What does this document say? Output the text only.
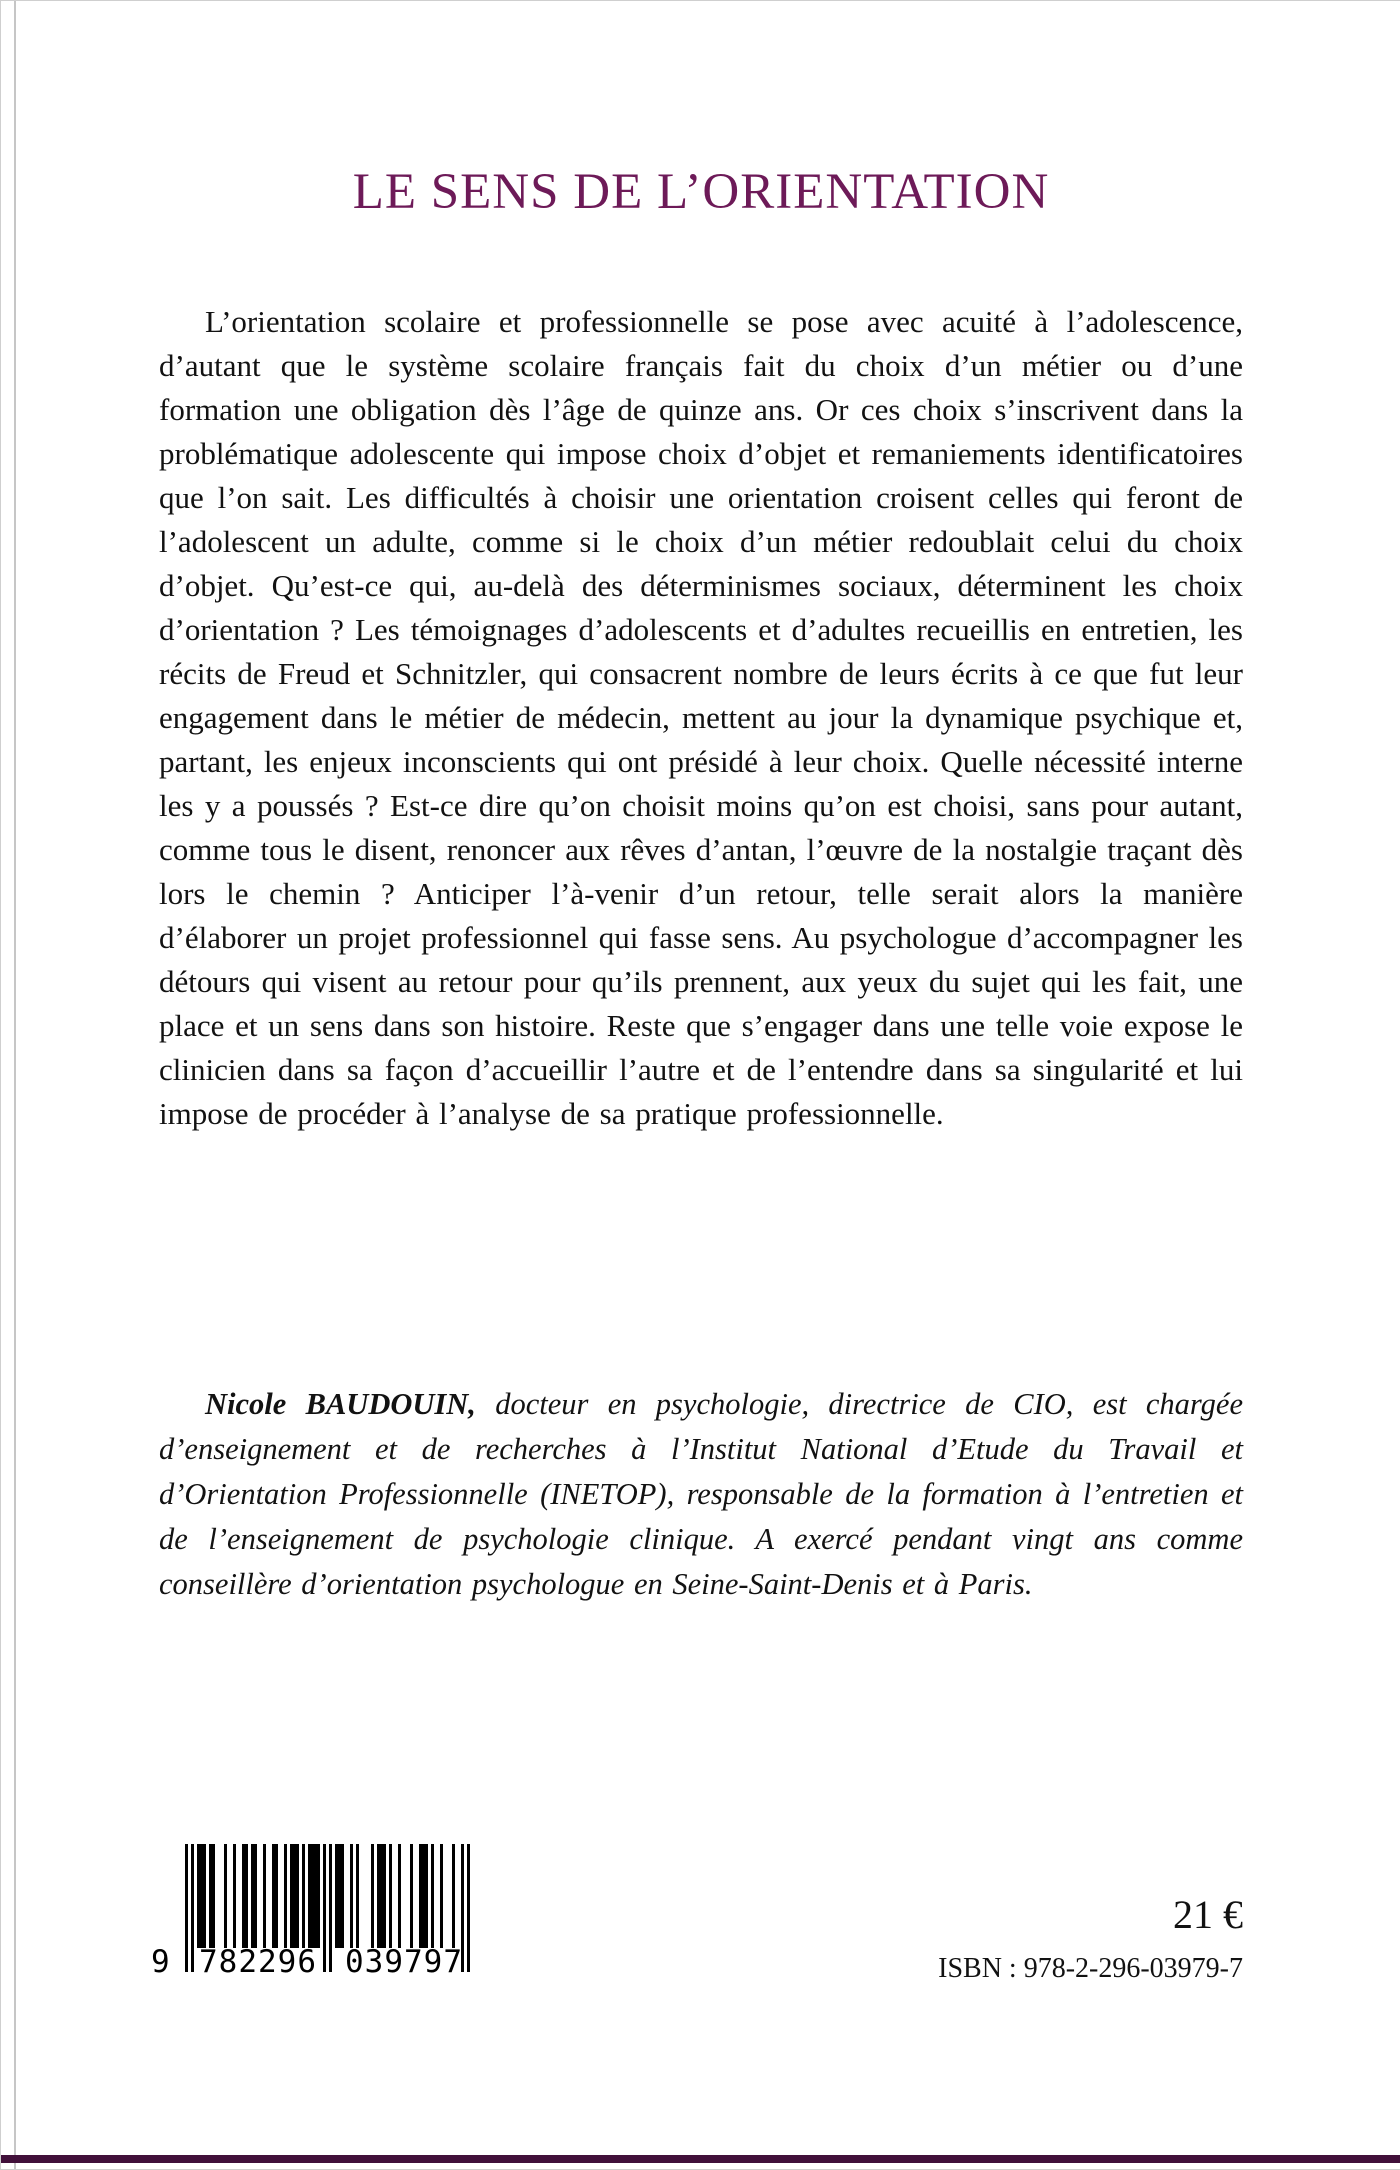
LE SENS DE L’ORIENTATION

L’orientation scolaire et professionnelle se pose avec acuité à l’adolescence, d’autant que le système scolaire français fait du choix d’un métier ou d’une formation une obligation dès l’âge de quinze ans. Or ces choix s’inscrivent dans la problématique adolescente qui impose choix d’objet et remaniements identificatoires que l’on sait. Les difficultés à choisir une orientation croisent celles qui feront de l’adolescent un adulte, comme si le choix d’un métier redoublait celui du choix d’objet. Qu’est-ce qui, au-delà des déterminismes sociaux, déterminent les choix d’orientation ? Les témoignages d’adolescents et d’adultes recueillis en entretien, les récits de Freud et Schnitzler, qui consacrent nombre de leurs écrits à ce que fut leur engagement dans le métier de médecin, mettent au jour la dynamique psychique et, partant, les enjeux inconscients qui ont présidé à leur choix. Quelle nécessité interne les y a poussés ? Est-ce dire qu’on choisit moins qu’on est choisi, sans pour autant, comme tous le disent, renoncer aux rêves d’antan, l’œuvre de la nostalgie traçant dès lors le chemin ? Anticiper l’à-venir d’un retour, telle serait alors la manière d’élaborer un projet professionnel qui fasse sens. Au psychologue d’accompagner les détours qui visent au retour pour qu’ils prennent, aux yeux du sujet qui les fait, une place et un sens dans son histoire. Reste que s’engager dans une telle voie expose le clinicien dans sa façon d’accueillir l’autre et de l’entendre dans sa singularité et lui impose de procéder à l’analyse de sa pratique professionnelle.

Nicole BAUDOUIN, docteur en psychologie, directrice de CIO, est chargée d’enseignement et de recherches à l’Institut National d’Etude du Travail et d’Orientation Professionnelle (INETOP), responsable de la formation à l’entretien et de l’enseignement de psychologie clinique. A exercé pendant vingt ans comme conseillère d’orientation psychologue en Seine-Saint-Denis et à Paris.

9 782296 039797
21 €
ISBN : 978-2-296-03979-7
